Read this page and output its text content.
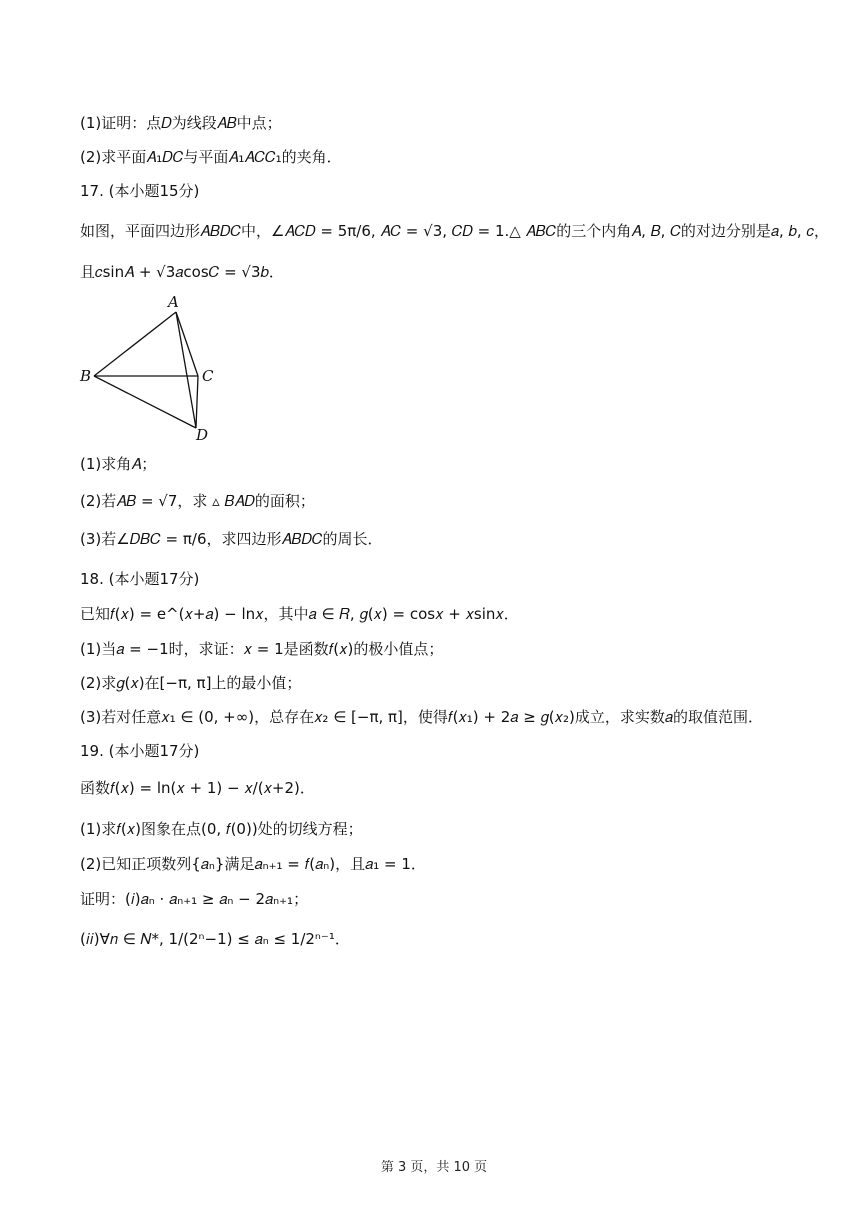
(1)证明：点𝐷为线段𝐴𝐵中点；
(2)求平面𝐴₁𝐷𝐶与平面𝐴₁𝐴𝐶𝐶₁的夹角．
17. (本小题15分)
如图，平面四边形𝐴𝐵𝐷𝐶中，∠𝐴𝐶𝐷 = 5π/6, 𝐴𝐶 = √3, 𝐶𝐷 = 1.△ 𝐴𝐵𝐶的三个内角𝐴, 𝐵, 𝐶的对边分别是𝑎, 𝑏, 𝑐，
且𝑐sin𝐴 + √3𝑎cos𝐶 = √3𝑏．
A
B	C
D
(1)求角𝐴；
(2)若𝐴𝐵 = √7，求 ▵ 𝐵𝐴𝐷的面积；
(3)若∠𝐷𝐵𝐶 = π/6，求四边形𝐴𝐵𝐷𝐶的周长．
18. (本小题17分)
已知𝑓(𝑥) = e^(𝑥+𝑎) − ln𝑥，其中𝑎 ∈ 𝑅, 𝑔(𝑥) = cos𝑥 + 𝑥sin𝑥．
(1)当𝑎 = −1时，求证：𝑥 = 1是函数𝑓(𝑥)的极小值点；
(2)求𝑔(𝑥)在[−π, π]上的最小值；
(3)若对任意𝑥₁ ∈ (0, +∞)，总存在𝑥₂ ∈ [−π, π]，使得𝑓(𝑥₁) + 2𝑎 ≥ 𝑔(𝑥₂)成立，求实数𝑎的取值范围．
19. (本小题17分)
函数𝑓(𝑥) = ln(𝑥 + 1) − 𝑥/(𝑥+2)．
(1)求𝑓(𝑥)图象在点(0, 𝑓(0))处的切线方程；
(2)已知正项数列{𝑎ₙ}满足𝑎ₙ₊₁ = 𝑓(𝑎ₙ)，且𝑎₁ = 1．
证明：(𝑖)𝑎ₙ ⋅ 𝑎ₙ₊₁ ≥ 𝑎ₙ − 2𝑎ₙ₊₁；
(𝑖𝑖)∀𝑛 ∈ 𝑁*, 1/(2ⁿ−1) ≤ 𝑎ₙ ≤ 1/2ⁿ⁻¹．
第 3 页，共 10 页
